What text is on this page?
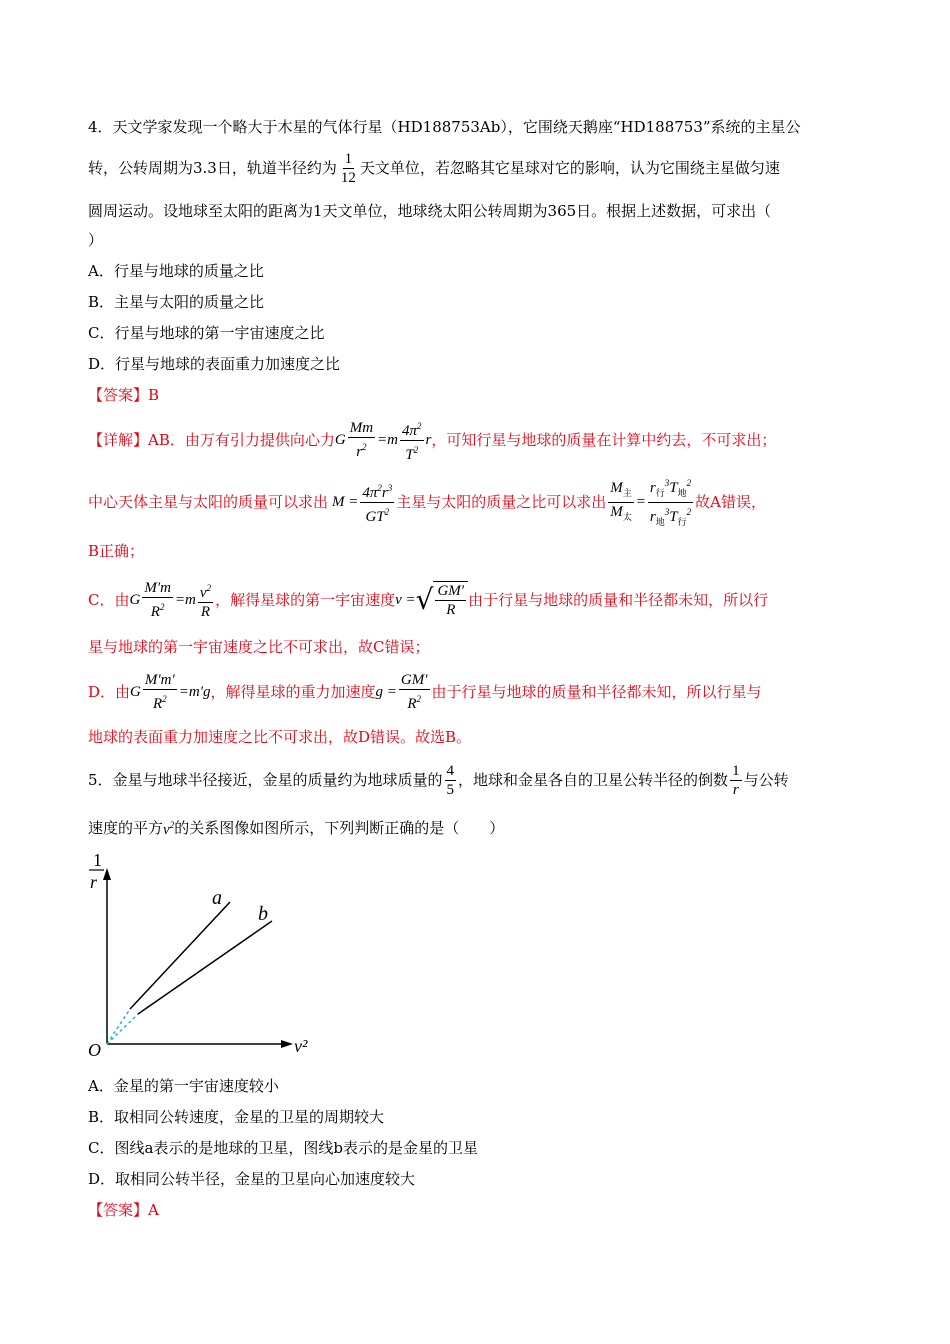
4．天文学家发现一个略大于木星的气体行星（HD188753Ab），它围绕天鹅座“HD188753”系统的主星公
转，公转周期为3.3日，轨道半径约为 $\frac{1}{12}$ 天文单位，若忽略其它星球对它的影响，认为它围绕主星做匀速
圆周运动。设地球至太阳的距离为1天文单位，地球绕太阳公转周期为365日。根据上述数据，可求出（
）
A．行星与地球的质量之比
B．主星与太阳的质量之比
C．行星与地球的第一宇宙速度之比
D．行星与地球的表面重力加速度之比
【答案】B
【详解】AB．由万有引力提供向心力 G $\frac{Mm}{r^2} =m \frac{4\pi^2}{T^2}$ r ，可知行星与地球的质量在计算中约去，不可求出；
中心天体主星与太阳的质量可以求出 $M = \frac{4\pi^2r^3}{GT^2}$ 主星与太阳的质量之比可以求出 $\frac{M_主}{M_太} = \frac{r_行^3T_地^2}{r_地^3T_行^2}$ 故A错误，
B正确；
C．由 G $\frac{M'm}{R^2} =m \frac{v^2}{R}$ ，解得星球的第一宇宙速度 v = √ $\frac{GM'}{R}$ 由于行星与地球的质量和半径都未知，所以行
星与地球的第一宇宙速度之比不可求出，故C错误；
D．由 G $\frac{M'm'}{R^2} =m'g$ ，解得星球的重力加速度 $g = \frac{GM'}{R^2}$ 由于行星与地球的质量和半径都未知，所以行星与
地球的表面重力加速度之比不可求出，故D错误。故选B。
5．金星与地球半径接近，金星的质量约为地球质量的 $\frac{4}{5}$ ，地球和金星各自的卫星公转半径的倒数 $\frac{1}{r}$ 与公转
速度的平方 $v^2$ 的关系图像如图所示，下列判断正确的是（　　）
1
r
v²
O
a
b
A．金星的第一宇宙速度较小
B．取相同公转速度，金星的卫星的周期较大
C．图线a表示的是地球的卫星，图线b表示的是金星的卫星
D．取相同公转半径，金星的卫星向心加速度较大
【答案】A
